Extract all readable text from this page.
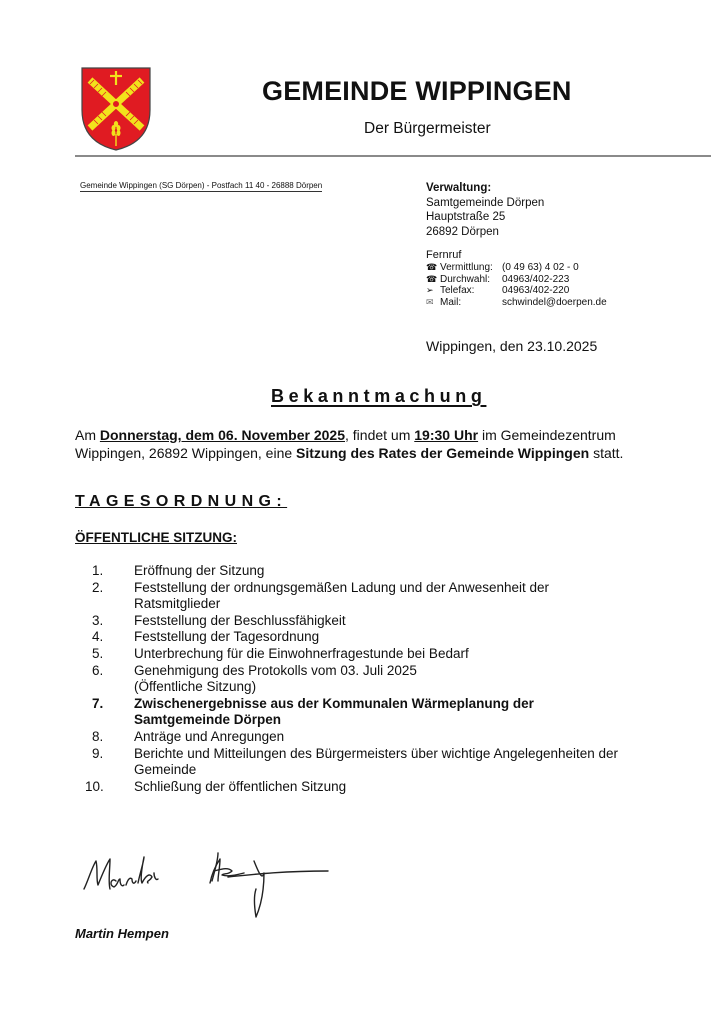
GEMEINDE WIPPINGEN
Der Bürgermeister
Gemeinde Wippingen (SG Dörpen) - Postfach 11 40 - 26888 Dörpen	Verwaltung:
Samtgemeinde Dörpen
Hauptstraße 25
26892 Dörpen
Fernruf
☎ Vermittlung: (0 49 63) 4 02 - 0
☎ Durchwahl:	04963/402-223
➢ Telefax:	04963/402-220
✉ Mail:	schwindel@doerpen.de
Wippingen, den 23.10.2025
Bekanntmachung
Am Donnerstag, dem 06. November 2025, findet um 19:30 Uhr im Gemeindezentrum Wippingen, 26892 Wippingen, eine Sitzung des Rates der Gemeinde Wippingen statt.
TAGESORDNUNG:
ÖFFENTLICHE SITZUNG:
1.	Eröffnung der Sitzung
2.	Feststellung der ordnungsgemäßen Ladung und der Anwesenheit der Ratsmitglieder
3.	Feststellung der Beschlussfähigkeit
4.	Feststellung der Tagesordnung
5.	Unterbrechung für die Einwohnerfragestunde bei Bedarf
6.	Genehmigung des Protokolls vom 03. Juli 2025 (Öffentliche Sitzung)
7.	Zwischenergebnisse aus der Kommunalen Wärmeplanung der Samtgemeinde Dörpen
8.	Anträge und Anregungen
9.	Berichte und Mitteilungen des Bürgermeisters über wichtige Angelegenheiten der Gemeinde
10.	Schließung der öffentlichen Sitzung
Martin Hempen
